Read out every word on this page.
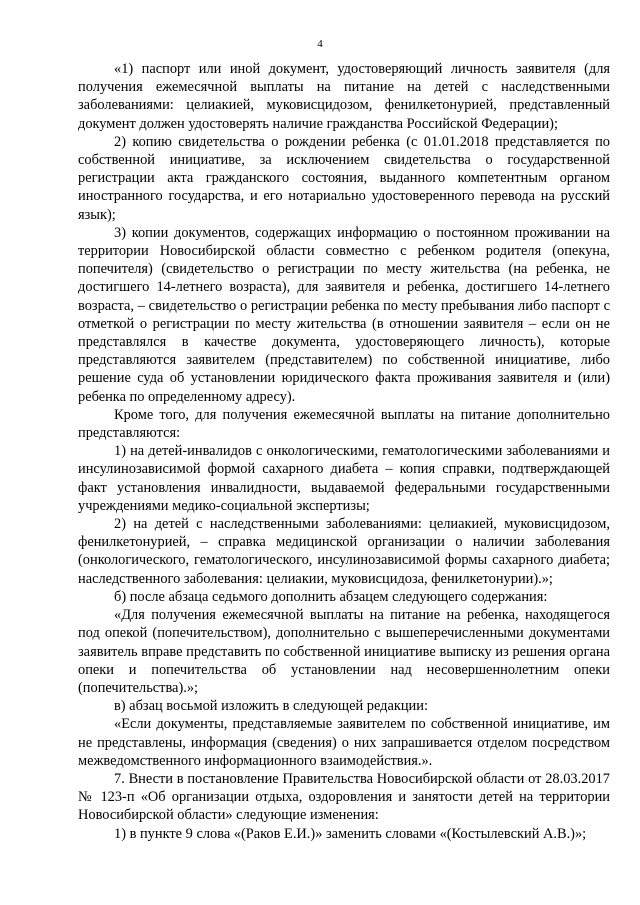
4

«1) паспорт или иной документ, удостоверяющий личность заявителя (для получения ежемесячной выплаты на питание на детей с наследственными заболеваниями: целиакией, муковисцидозом, фенилкетонурией, представленный документ должен удостоверять наличие гражданства Российской Федерации);

2) копию свидетельства о рождении ребенка (с 01.01.2018 представляется по собственной инициативе, за исключением свидетельства о государственной регистрации акта гражданского состояния, выданного компетентным органом иностранного государства, и его нотариально удостоверенного перевода на русский язык);

3) копии документов, содержащих информацию о постоянном проживании на территории Новосибирской области совместно с ребенком родителя (опекуна, попечителя) (свидетельство о регистрации по месту жительства (на ребенка, не достигшего 14-летнего возраста), для заявителя и ребенка, достигшего 14-летнего возраста, – свидетельство о регистрации ребенка по месту пребывания либо паспорт с отметкой о регистрации по месту жительства (в отношении заявителя – если он не представлялся в качестве документа, удостоверяющего личность), которые представляются заявителем (представителем) по собственной инициативе, либо решение суда об установлении юридического факта проживания заявителя и (или) ребенка по определенному адресу).

Кроме того, для получения ежемесячной выплаты на питание дополнительно представляются:

1) на детей-инвалидов с онкологическими, гематологическими заболеваниями и инсулинозависимой формой сахарного диабета – копия справки, подтверждающей факт установления инвалидности, выдаваемой федеральными государственными учреждениями медико-социальной экспертизы;

2) на детей с наследственными заболеваниями: целиакией, муковисцидозом, фенилкетонурией, – справка медицинской организации о наличии заболевания (онкологического, гематологического, инсулинозависимой формы сахарного диабета; наследственного заболевания: целиакии, муковисцидоза, фенилкетонурии).»;

б) после абзаца седьмого дополнить абзацем следующего содержания:

«Для получения ежемесячной выплаты на питание на ребенка, находящегося под опекой (попечительством), дополнительно с вышеперечисленными документами заявитель вправе представить по собственной инициативе выписку из решения органа опеки и попечительства об установлении над несовершеннолетним опеки (попечительства).»;

в) абзац восьмой изложить в следующей редакции:

«Если документы, представляемые заявителем по собственной инициативе, им не представлены, информация (сведения) о них запрашивается отделом посредством межведомственного информационного взаимодействия.».

7. Внести в постановление Правительства Новосибирской области от 28.03.2017 № 123-п «Об организации отдыха, оздоровления и занятости детей на территории Новосибирской области» следующие изменения:

1) в пункте 9 слова «(Раков Е.И.)» заменить словами «(Костылевский А.В.)»;
